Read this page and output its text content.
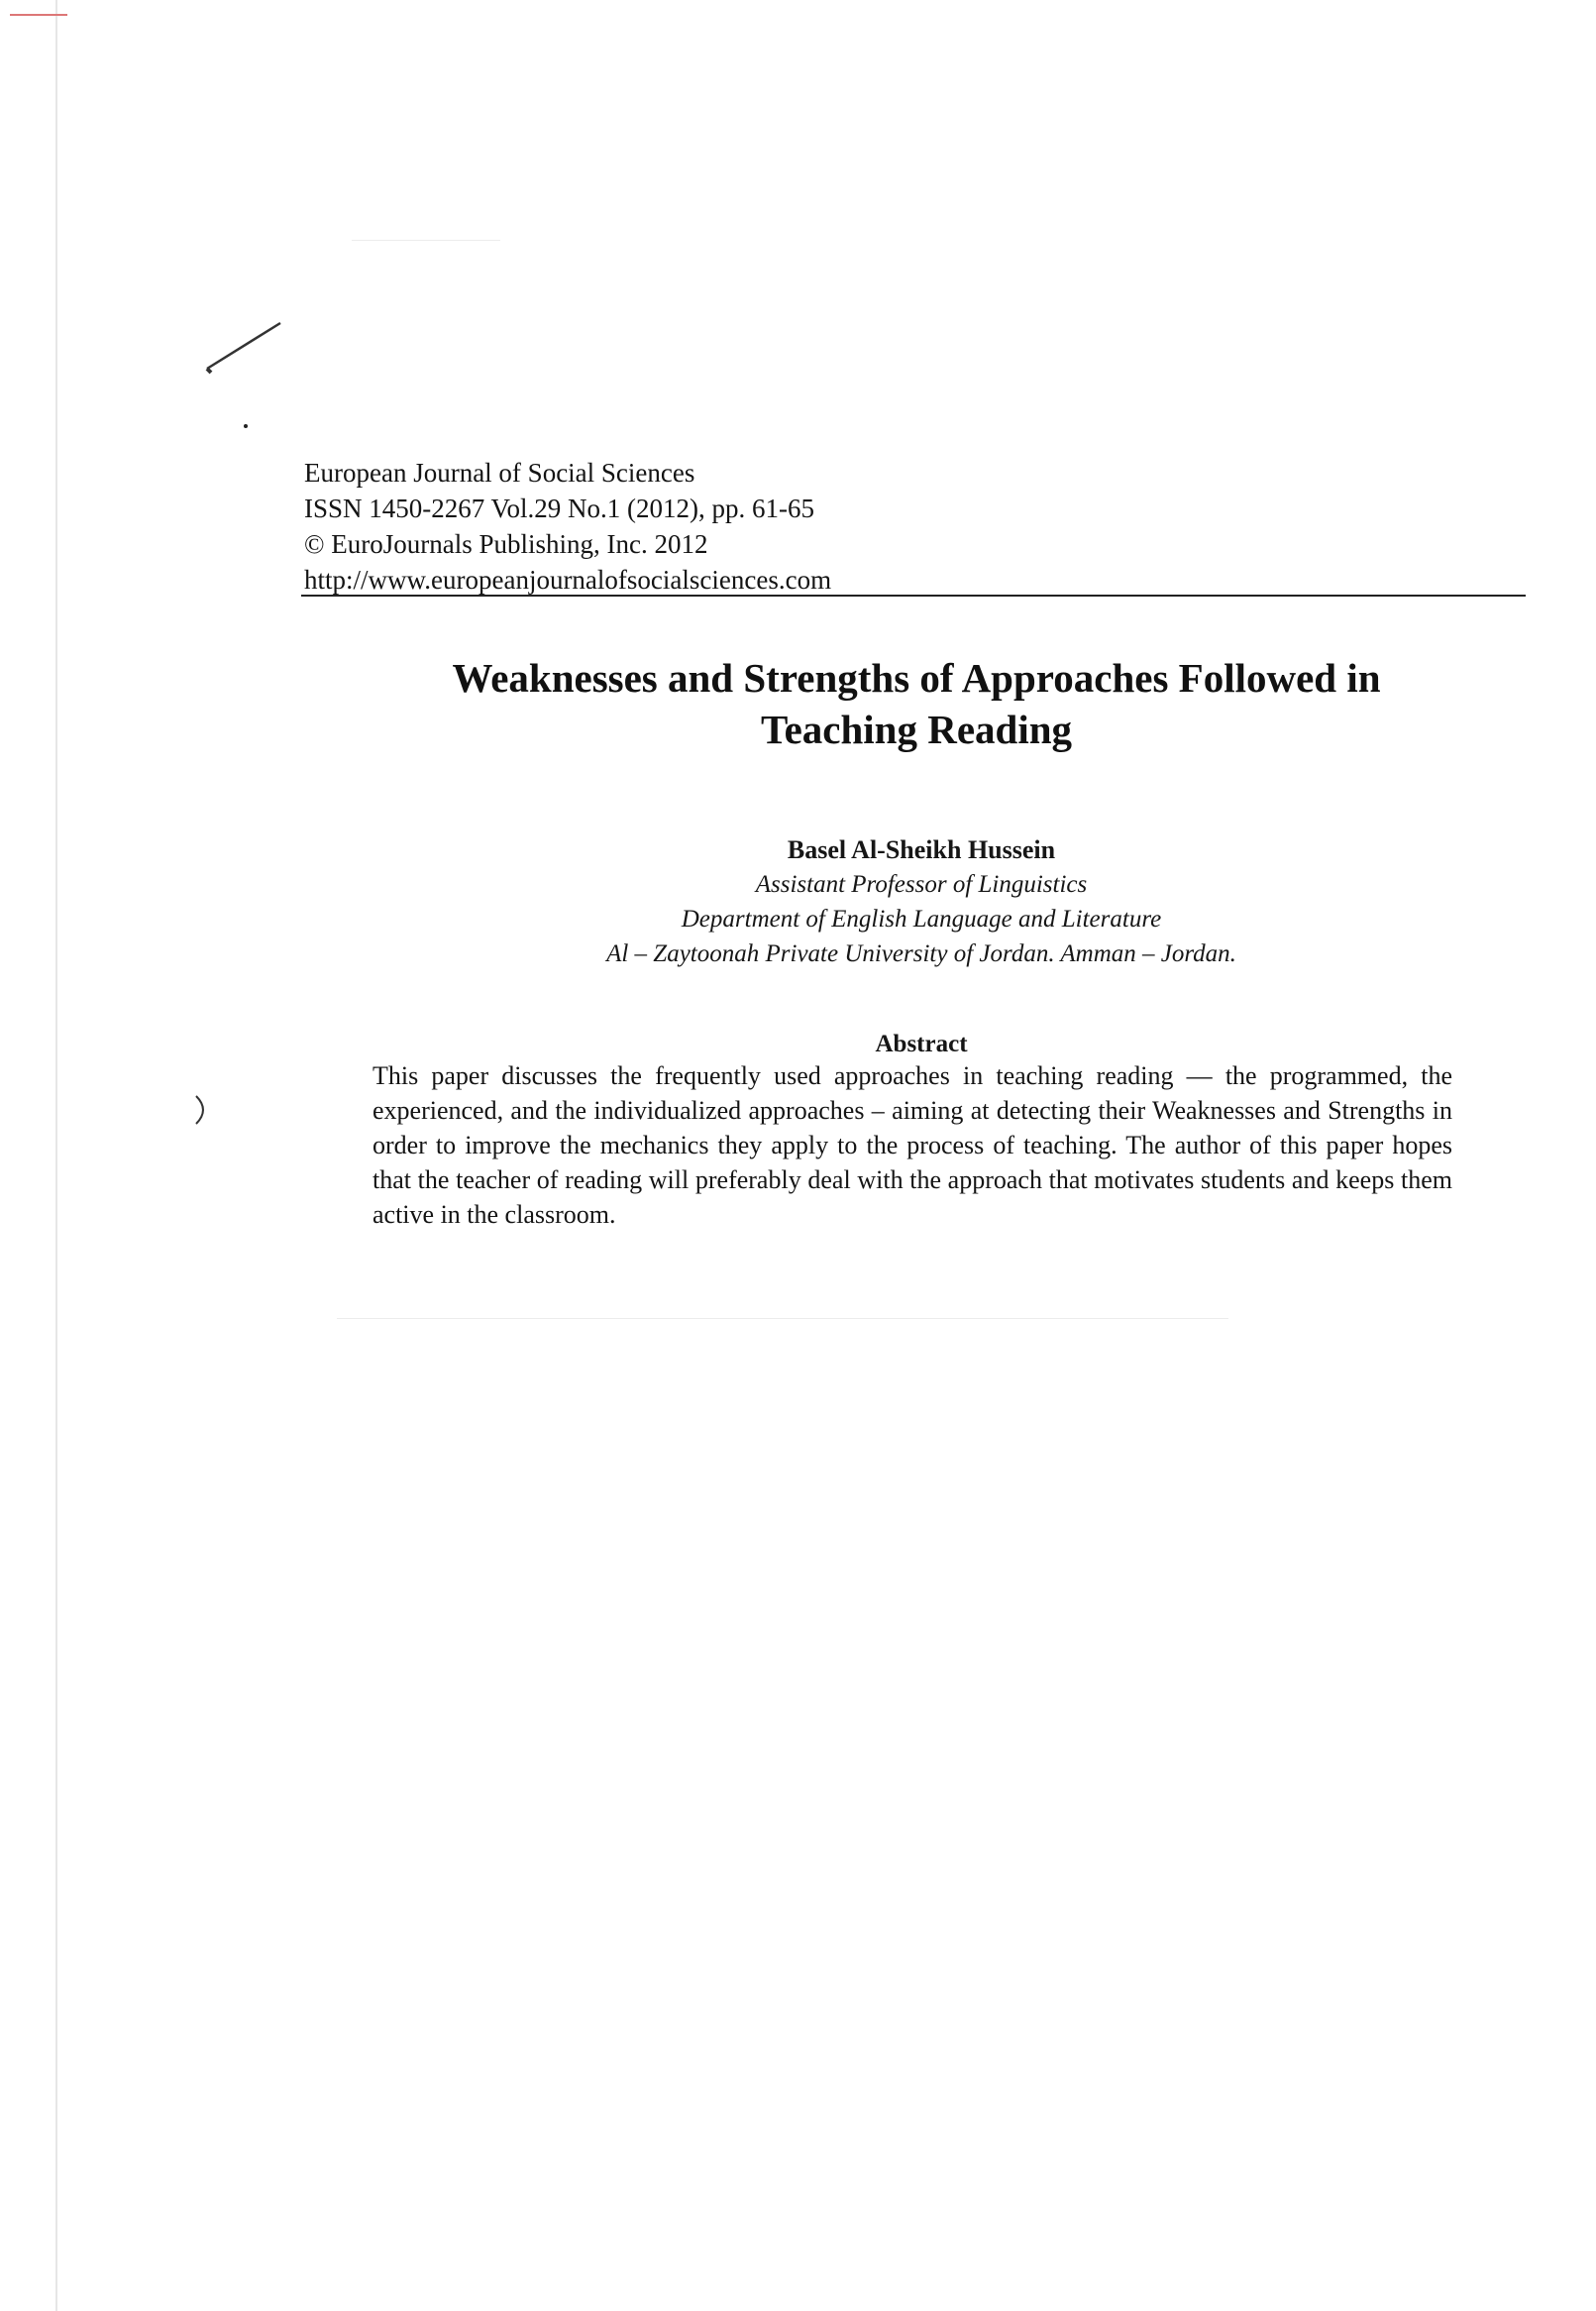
European Journal of Social Sciences
ISSN 1450-2267 Vol.29 No.1 (2012), pp. 61-65
© EuroJournals Publishing, Inc. 2012
http://www.europeanjournalofsocialsciences.com
Weaknesses and Strengths of Approaches Followed in
Teaching Reading
Basel Al-Sheikh Hussein
Assistant Professor of Linguistics
Department of English Language and Literature
Al – Zaytoonah Private University of Jordan. Amman – Jordan.
Abstract
This paper discusses the frequently used approaches in teaching reading — the programmed, the experienced, and the individualized approaches – aiming at detecting their Weaknesses and Strengths in order to improve the mechanics they apply to the process of teaching. The author of this paper hopes that the teacher of reading will preferably deal with the approach that motivates students and keeps them active in the classroom.
